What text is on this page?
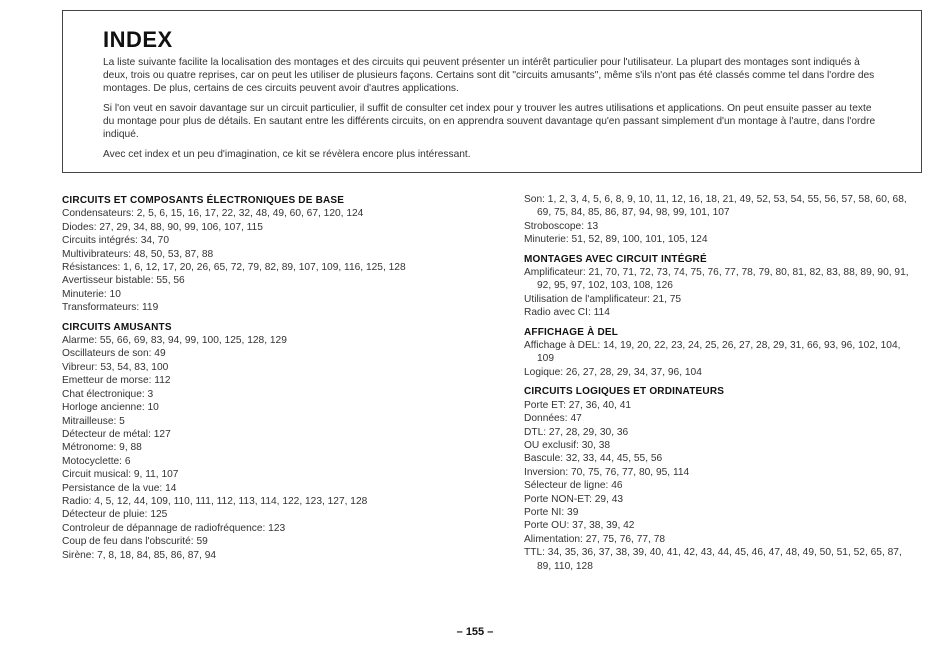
INDEX

La liste suivante facilite la localisation des montages et des circuits qui peuvent présenter un intérêt particulier pour l'utilisateur. La plupart des montages sont indiqués à deux, trois ou quatre reprises, car on peut les utiliser de plusieurs façons. Certains sont dit "circuits amusants", même s'ils n'ont pas été classés comme tel dans l'ordre des montages. De plus, certains de ces circuits peuvent avoir d'autres applications.

Si l'on veut en savoir davantage sur un circuit particulier, il suffit de consulter cet index pour y trouver les autres utilisations et applications. On peut ensuite passer au texte du montage pour plus de détails. En sautant entre les différents circuits, on en apprendra souvent davantage qu'en passant simplement d'un montage à l'autre, dans l'ordre indiqué.

Avec cet index et un peu d'imagination, ce kit se révèlera encore plus intéressant.

CIRCUITS ET COMPOSANTS ÉLECTRONIQUES DE BASE

Condensateurs: 2, 5, 6, 15, 16, 17, 22, 32, 48, 49, 60, 67, 120, 124

Diodes: 27, 29, 34, 88, 90, 99, 106, 107, 115

Circuits intégrés: 34, 70

Multivibrateurs: 48, 50, 53, 87, 88

Résistances: 1, 6, 12, 17, 20, 26, 65, 72, 79, 82, 89, 107, 109, 116, 125, 128

Avertisseur bistable: 55, 56

Minuterie: 10

Transformateurs: 119

CIRCUITS AMUSANTS

Alarme: 55, 66, 69, 83, 94, 99, 100, 125, 128, 129

Oscillateurs de son: 49

Vibreur: 53, 54, 83, 100

Emetteur de morse: 112

Chat électronique: 3

Horloge ancienne: 10

Mitrailleuse: 5

Détecteur de métal: 127

Métronome: 9, 88

Motocyclette: 6

Circuit musical: 9, 11, 107

Persistance de la vue: 14

Radio: 4, 5, 12, 44, 109, 110, 111, 112, 113, 114, 122, 123, 127, 128

Détecteur de pluie: 125

Controleur de dépannage de radiofréquence: 123

Coup de feu dans l'obscurité: 59

Sirène: 7, 8, 18, 84, 85, 86, 87, 94

Son: 1, 2, 3, 4, 5, 6, 8, 9, 10, 11, 12, 16, 18, 21, 49, 52, 53, 54, 55, 56, 57, 58, 60, 68, 69, 75, 84, 85, 86, 87, 94, 98, 99, 101, 107

Stroboscope: 13

Minuterie: 51, 52, 89, 100, 101, 105, 124

MONTAGES AVEC CIRCUIT INTÉGRÉ

Amplificateur: 21, 70, 71, 72, 73, 74, 75, 76, 77, 78, 79, 80, 81, 82, 83, 88, 89, 90, 91, 92, 95, 97, 102, 103, 108, 126

Utilisation de l'amplificateur: 21, 75

Radio avec CI: 114

AFFICHAGE À DEL

Affichage à DEL: 14, 19, 20, 22, 23, 24, 25, 26, 27, 28, 29, 31, 66, 93, 96, 102, 104, 109

Logique: 26, 27, 28, 29, 34, 37, 96, 104

CIRCUITS LOGIQUES ET ORDINATEURS

Porte ET: 27, 36, 40, 41

Données: 47

DTL: 27, 28, 29, 30, 36

OU exclusif: 30, 38

Bascule: 32, 33, 44, 45, 55, 56

Inversion: 70, 75, 76, 77, 80, 95, 114

Sélecteur de ligne: 46

Porte NON-ET: 29, 43

Porte NI: 39

Porte OU: 37, 38, 39, 42

Alimentation: 27, 75, 76, 77, 78

TTL: 34, 35, 36, 37, 38, 39, 40, 41, 42, 43, 44, 45, 46, 47, 48, 49, 50, 51, 52, 65, 87, 89, 110, 128

– 155 –
